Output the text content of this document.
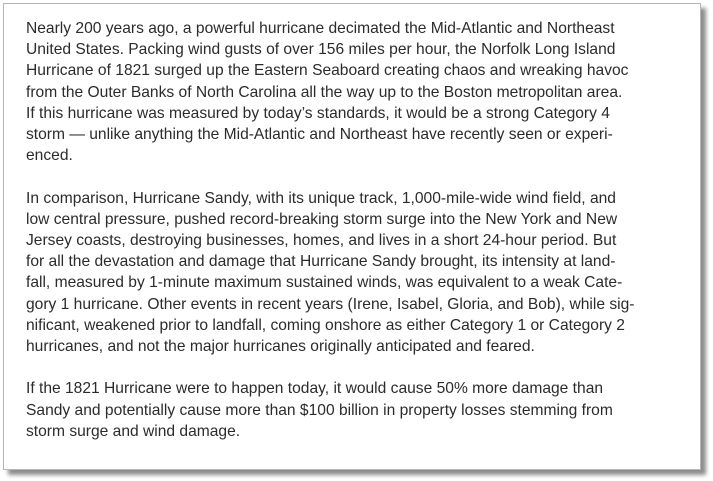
Nearly 200 years ago, a powerful hurricane decimated the Mid-Atlantic and Northeast
United States. Packing wind gusts of over 156 miles per hour, the Norfolk Long Island
Hurricane of 1821 surged up the Eastern Seaboard creating chaos and wreaking havoc
from the Outer Banks of North Carolina all the way up to the Boston metropolitan area.
If this hurricane was measured by today’s standards, it would be a strong Category 4
storm — unlike anything the Mid-Atlantic and Northeast have recently seen or experi-
enced.

In comparison, Hurricane Sandy, with its unique track, 1,000-mile-wide wind field, and
low central pressure, pushed record-breaking storm surge into the New York and New
Jersey coasts, destroying businesses, homes, and lives in a short 24-hour period. But
for all the devastation and damage that Hurricane Sandy brought, its intensity at land-
fall, measured by 1-minute maximum sustained winds, was equivalent to a weak Cate-
gory 1 hurricane. Other events in recent years (Irene, Isabel, Gloria, and Bob), while sig-
nificant, weakened prior to landfall, coming onshore as either Category 1 or Category 2
hurricanes, and not the major hurricanes originally anticipated and feared.

If the 1821 Hurricane were to happen today, it would cause 50% more damage than
Sandy and potentially cause more than $100 billion in property losses stemming from
storm surge and wind damage.
